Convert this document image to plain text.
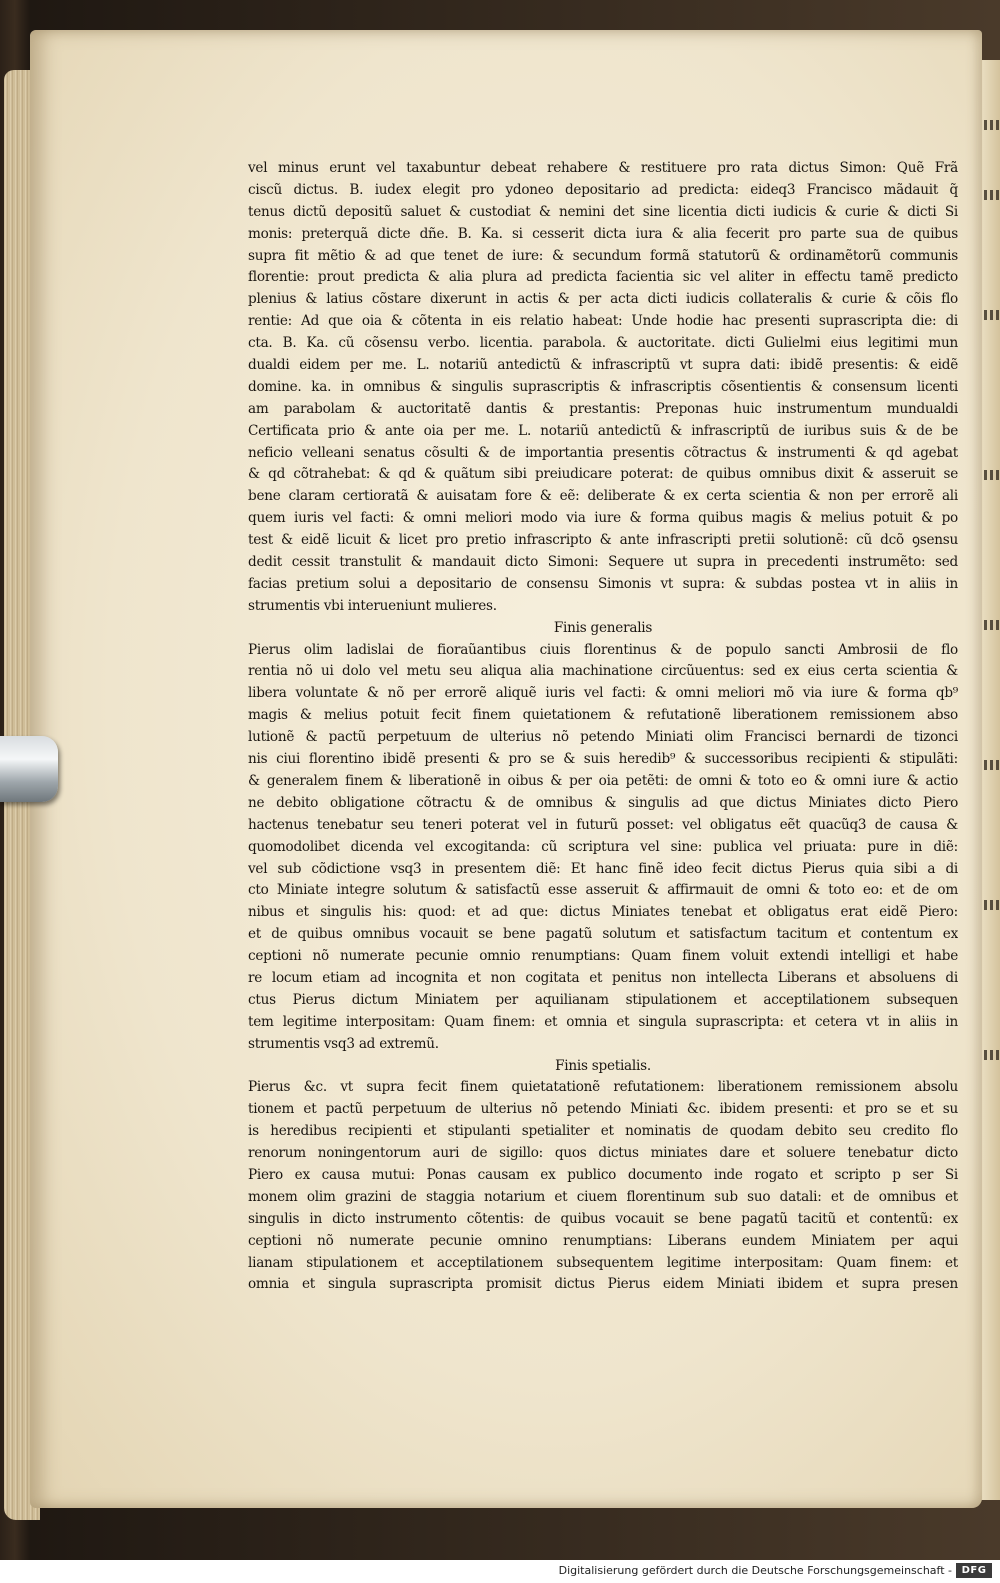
vel minus erunt vel taxabuntur debeat rehabere & restituere pro rata dictus Simon: Quẽ Frã
ciscũ dictus. B. iudex elegit pro ydoneo depositario ad predicta: eideq3 Francisco mãdauit q̃
tenus dictũ depositũ saluet & custodiat & nemini det sine licentia dicti iudicis & curie & dicti Si
monis: preterquã dicte dñe. B. Ka. si cesserit dicta iura & alia fecerit pro parte sua de quibus
supra fit mẽtio & ad que tenet de iure: & secundum formã statutorũ & ordinamẽtorũ communis
florentie: prout predicta & alia plura ad predicta facientia sic vel aliter in effectu tamẽ predicto
plenius & latius cõstare dixerunt in actis & per acta dicti iudicis collateralis & curie & cõis flo
rentie: Ad que oia & cõtenta in eis relatio habeat: Unde hodie hac presenti suprascripta die: di
cta. B. Ka. cũ cõsensu verbo. licentia. parabola. & auctoritate. dicti Gulielmi eius legitimi mun
dualdi eidem per me. L. notariũ antedictũ & infrascriptũ vt supra dati: ibidẽ presentis: & eidẽ
domine. ka. in omnibus & singulis suprascriptis & infrascriptis cõsentientis & consensum licenti
am parabolam & auctoritatẽ dantis & prestantis: Preponas huic instrumentum mundualdi
Certificata prio & ante oia per me. L. notariũ antedictũ & infrascriptũ de iuribus suis & de be
neficio velleani senatus cõsulti & de importantia presentis cõtractus & instrumenti & qd agebat
& qd cõtrahebat: & qd & quãtum sibi preiudicare poterat: de quibus omnibus dixit & asseruit se
bene claram certioratã & auisatam fore & eẽ: deliberate & ex certa scientia & non per errorẽ ali
quem iuris vel facti: & omni meliori modo via iure & forma quibus magis & melius potuit & po
test & eidẽ licuit & licet pro pretio infrascripto & ante infrascripti pretii solutionẽ: cũ dcõ ꝯsensu
dedit cessit transtulit & mandauit dicto Simoni: Sequere ut supra in precedenti instrumẽto: sed
facias pretium solui a depositario de consensu Simonis vt supra: & subdas postea vt in aliis in
strumentis vbi interueniunt mulieres.
Finis generalis
Pierus olim ladislai de fioraũantibus ciuis florentinus & de populo sancti Ambrosii de flo
rentia nõ ui dolo vel metu seu aliqua alia machinatione circũuentus: sed ex eius certa scientia &
libera voluntate & nõ per errorẽ aliquẽ iuris vel facti: & omni meliori mõ via iure & forma qb⁹
magis & melius potuit fecit finem quietationem & refutationẽ liberationem remissionem abso
lutionẽ & pactũ perpetuum de ulterius nõ petendo Miniati olim Francisci bernardi de tizonci
nis ciui florentino ibidẽ presenti & pro se & suis heredib⁹ & successoribus recipienti & stipulãti:
& generalem finem & liberationẽ in oibus & per oia petẽti: de omni & toto eo & omni iure & actio
ne debito obligatione cõtractu & de omnibus & singulis ad que dictus Miniates dicto Piero
hactenus tenebatur seu teneri poterat vel in futurũ posset: vel obligatus eẽt quacũq3 de causa &
quomodolibet dicenda vel excogitanda: cũ scriptura vel sine: publica vel priuata: pure in diẽ:
vel sub cõdictione vsq3 in presentem diẽ: Et hanc finẽ ideo fecit dictus Pierus quia sibi a di
cto Miniate integre solutum & satisfactũ esse asseruit & affirmauit de omni & toto eo: et de om
nibus et singulis his: quod: et ad que: dictus Miniates tenebat et obligatus erat eidẽ Piero:
et de quibus omnibus vocauit se bene pagatũ solutum et satisfactum tacitum et contentum ex
ceptioni nõ numerate pecunie omnio renumptians: Quam finem voluit extendi intelligi et habe
re locum etiam ad incognita et non cogitata et penitus non intellecta Liberans et absoluens di
ctus Pierus dictum Miniatem per aquilianam stipulationem et acceptilationem subsequen
tem legitime interpositam: Quam finem: et omnia et singula suprascripta: et cetera vt in aliis in
strumentis vsq3 ad extremũ.
Finis spetialis.
Pierus &c. vt supra fecit finem quietatationẽ refutationem: liberationem remissionem absolu
tionem et pactũ perpetuum de ulterius nõ petendo Miniati &c. ibidem presenti: et pro se et su
is heredibus recipienti et stipulanti spetialiter et nominatis de quodam debito seu credito flo
renorum noningentorum auri de sigillo: quos dictus miniates dare et soluere tenebatur dicto
Piero ex causa mutui: Ponas causam ex publico documento inde rogato et scripto p ser Si
monem olim grazini de staggia notarium et ciuem florentinum sub suo datali: et de omnibus et
singulis in dicto instrumento cõtentis: de quibus vocauit se bene pagatũ tacitũ et contentũ: ex
ceptioni nõ numerate pecunie omnino renumptians: Liberans eundem Miniatem per aqui
lianam stipulationem et acceptilationem subsequentem legitime interpositam: Quam finem: et
omnia et singula suprascripta promisit dictus Pierus eidem Miniati ibidem et supra presen
Digitalisierung gefördert durch die Deutsche Forschungsgemeinschaft - DFG
